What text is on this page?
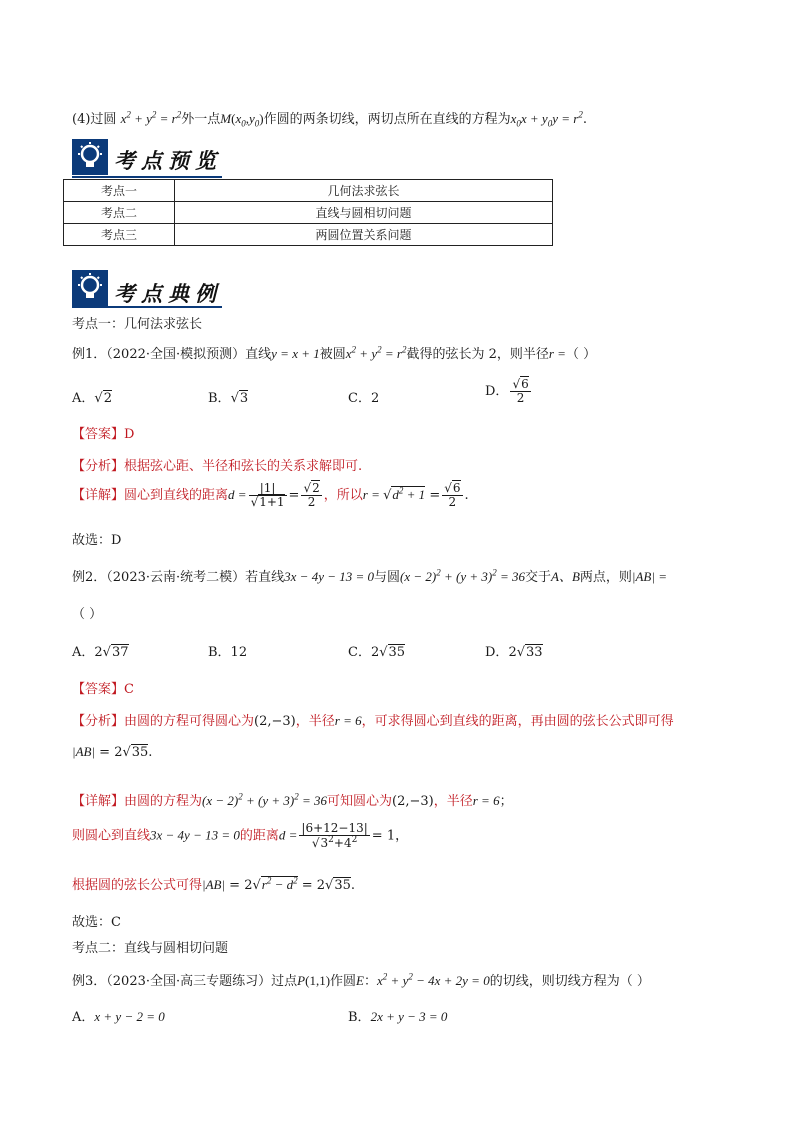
(4)过圆 $x^2 + y^2 = r^2$外一点$M(x_0,y_0)$作圆的两条切线，两切点所在直线的方程为$x_0x + y_0y = r^2$.
考点预览
考点一	几何法求弦长
考点二	直线与圆相切问题
考点三	两圆位置关系问题
考点典例
考点一：几何法求弦长
例1．（2022·全国·模拟预测）直线y = x + 1被圆$x^2 + y^2 = r^2$截得的弦长为 2，则半径r =（ ）
A．√2	B．√3	C．2	D． $\frac{√6}{2}$
【答案】D
【分析】根据弦心距、半径和弦长的关系求解即可.
【详解】圆心到直线的距离$d = \frac{|1|}{√1+1} = \frac{√2}{2}$ ，所以$r = √d^2 + 1 = \frac{√6}{2}$ .
故选：D
例2．（2023·云南·统考二模）若直线3x − 4y − 13 = 0与圆$(x - 2)^2 + (y + 3)^2 = 36$交于A、B两点，则|AB| =
（ ）
A．2√37	B．12	C．2√35	D．2√33
【答案】C
【分析】由圆的方程可得圆心为(2,−3)，半径r = 6，可求得圆心到直线的距离，再由圆的弦长公式即可得
|AB| = 2√35.
【详解】由圆的方程为$(x - 2)^2 + (y + 3)^2 = 36$可知圆心为(2,−3)，半径r = 6；
则圆心到直线3x − 4y − 13 = 0的距离$d = \frac{|6+12-13|}{√3^2+4^2} = 1$，
根据圆的弦长公式可得$|AB| = 2√r^2 - d^2 = 2√35$.
故选：C
考点二：直线与圆相切问题
例3．（2023·全国·高三专题练习）过点P(1,1)作圆E：$x^2 + y^2 - 4x + 2y = 0$的切线，则切线方程为（ ）
A．x + y − 2 = 0	B．2x + y − 3 = 0
